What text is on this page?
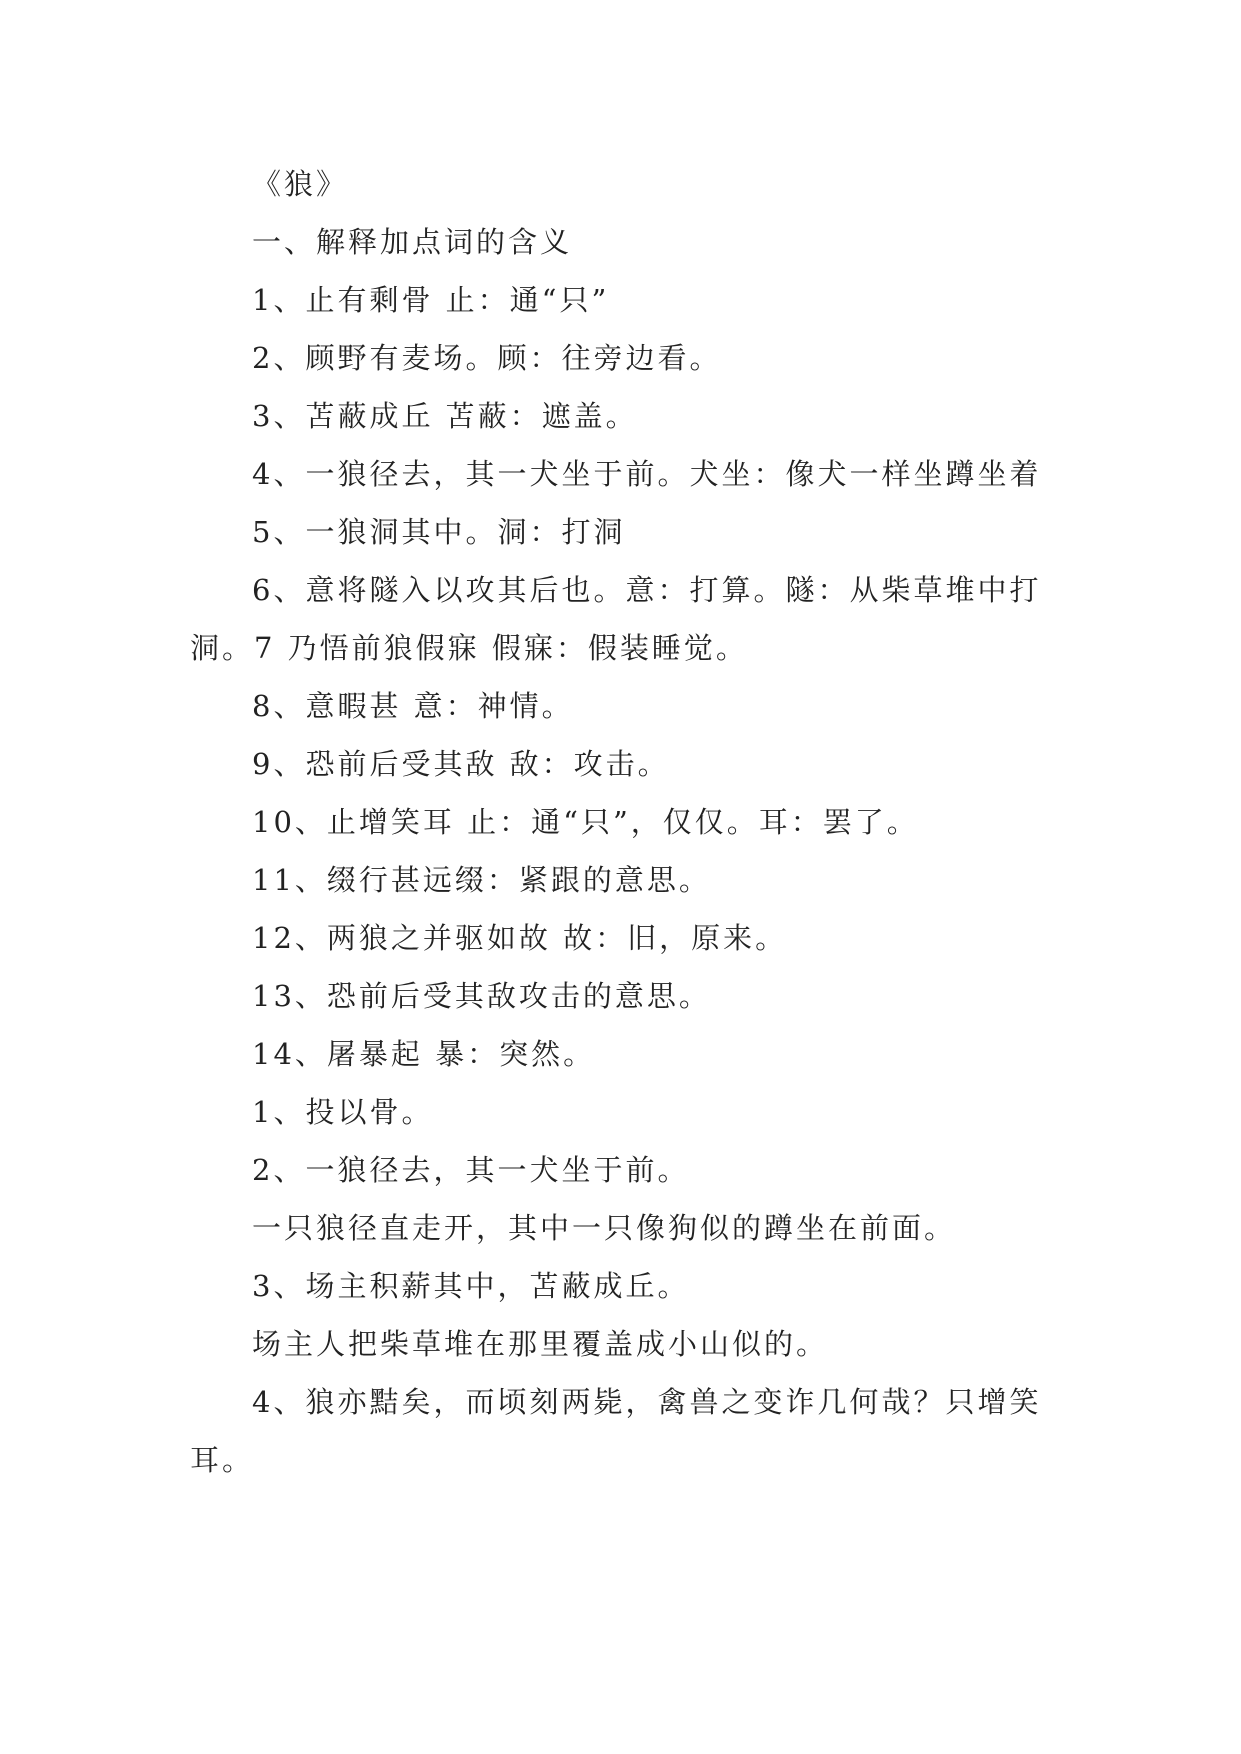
《狼》

一、解释加点词的含义

1、止有剩骨 止：通“只”

2、顾野有麦场。顾：往旁边看。

3、苫蔽成丘 苫蔽：遮盖。

4、一狼径去，其一犬坐于前。犬坐：像犬一样坐蹲坐着

5、一狼洞其中。洞：打洞

6、意将隧入以攻其后也。意：打算。隧：从柴草堆中打洞。7 乃悟前狼假寐 假寐：假装睡觉。

8、意暇甚 意：神情。

9、恐前后受其敌 敌：攻击。

10、止增笑耳 止：通“只”，仅仅。耳：罢了。

11、缀行甚远缀：紧跟的意思。

12、两狼之并驱如故 故：旧，原来。

13、恐前后受其敌攻击的意思。

14、屠暴起 暴：突然。

1、投以骨。

2、一狼径去，其一犬坐于前。

一只狼径直走开，其中一只像狗似的蹲坐在前面。

3、场主积薪其中，苫蔽成丘。

场主人把柴草堆在那里覆盖成小山似的。

4、狼亦黠矣，而顷刻两毙，禽兽之变诈几何哉？只增笑耳。
